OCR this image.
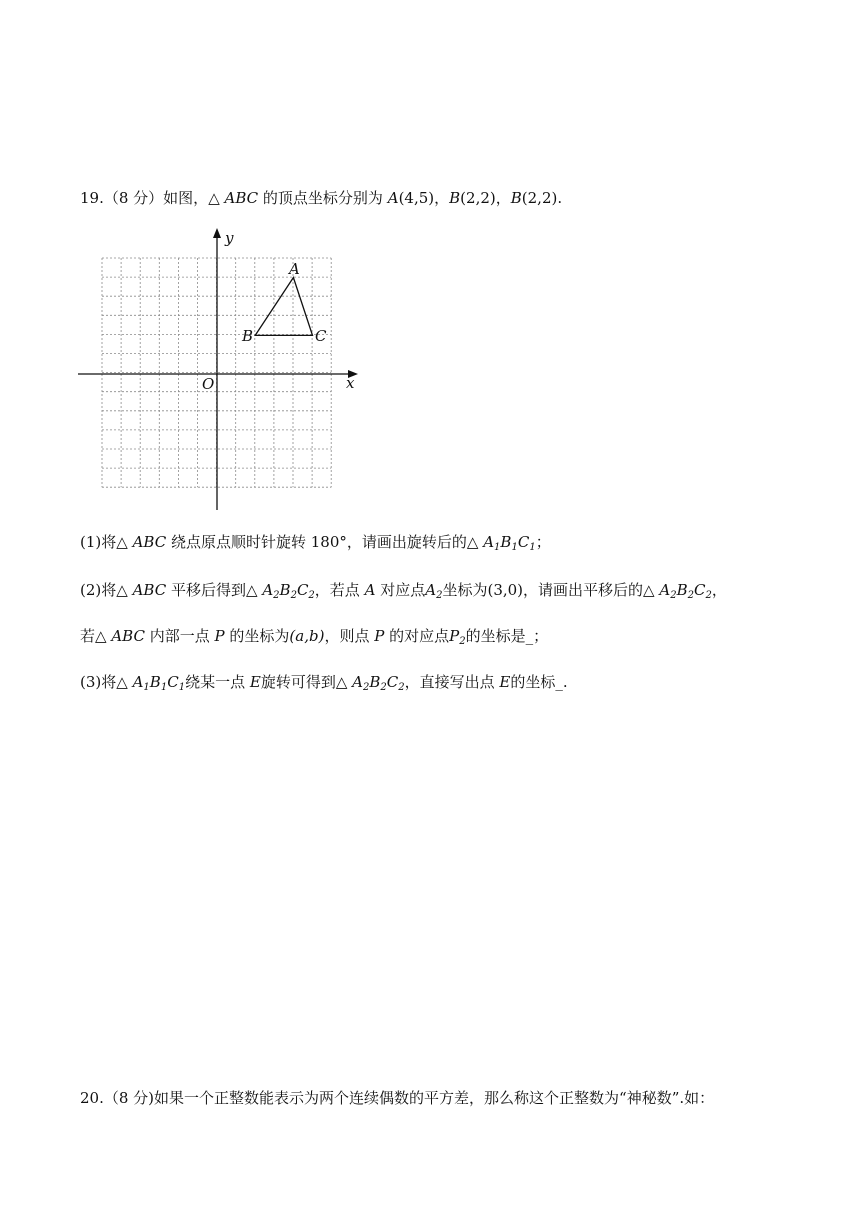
19.（8 分）如图，△ ABC 的顶点坐标分别为 A(4,5)，B(2,2)，B(2,2).
A
B	C
O	x
y
(1)将△ ABC 绕点原点顺时针旋转 180°，请画出旋转后的△ $A_1B_1C_1$；
(2)将△ ABC 平移后得到△ $A_2B_2C_2$，若点 A 对应点$A_2$坐标为(3,0)，请画出平移后的△ $A_2B_2C_2$，
若△ ABC 内部一点 P 的坐标为(a,b)，则点 P 的对应点$P_2$的坐标是_；
(3)将△ $A_1B_1C_1$绕某一点 E旋转可得到△ $A_2B_2C_2$，直接写出点 E的坐标_.
20.（8 分)如果一个正整数能表示为两个连续偶数的平方差，那么称这个正整数为“神秘数”.如：
